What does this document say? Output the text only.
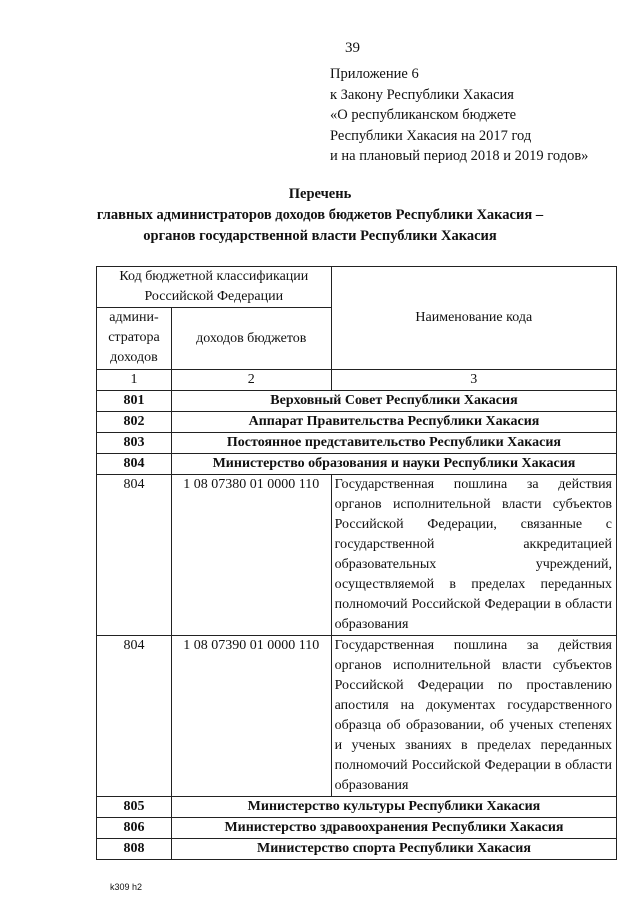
39
Приложение 6
к Закону Республики Хакасия
«О республиканском бюджете
Республики Хакасия на 2017 год
и на плановый период 2018 и 2019 годов»
Перечень
главных администраторов доходов бюджетов Республики Хакасия –
органов государственной власти Республики Хакасия
Код бюджетной классификации Российской Федерации		Наименование кода
админи-стратора доходов	доходов бюджетов	
1	2	3
801	Верховный Совет Республики Хакасия	
802	Аппарат Правительства Республики Хакасия	
803	Постоянное представительство Республики Хакасия	
804	Министерство образования и науки Республики Хакасия	
804	1 08 07380 01 0000 110	Государственная пошлина за действия органов исполнительной власти субъектов Российской Федерации, связанные с государственной аккредитацией образовательных учреждений, осуществляемой в пределах переданных полномочий Российской Федерации в области образования
804	1 08 07390 01 0000 110	Государственная пошлина за действия органов исполнительной власти субъектов Российской Федерации по проставлению апостиля на документах государственного образца об образовании, об ученых степенях и ученых званиях в пределах переданных полномочий Российской Федерации в области образования
805	Министерство культуры Республики Хакасия	
806	Министерство здравоохранения Республики Хакасия	
808	Министерство спорта Республики Хакасия	
k309 h2
